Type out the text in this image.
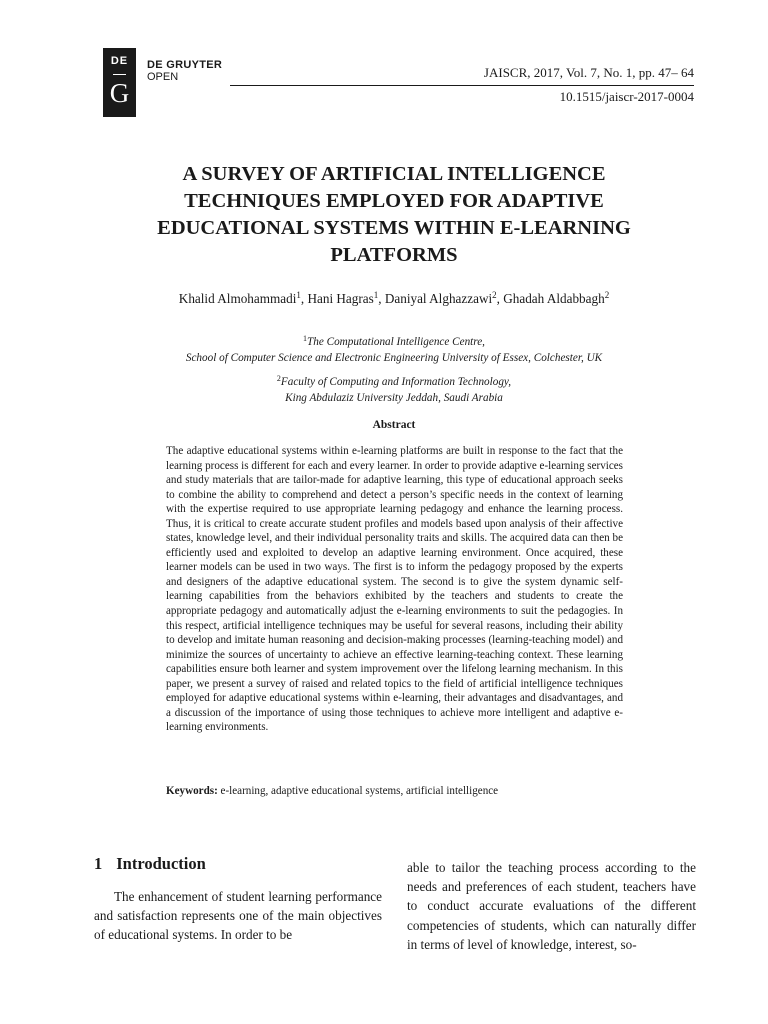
DE
G
DE GRUYTER
OPEN	JAISCR, 2017, Vol. 7, No. 1, pp. 47– 64
10.1515/jaiscr-2017-0004
A SURVEY OF ARTIFICIAL INTELLIGENCE
TECHNIQUES EMPLOYED FOR ADAPTIVE
EDUCATIONAL SYSTEMS WITHIN E-LEARNING
PLATFORMS
Khalid Almohammadi$^1$, Hani Hagras$^1$, Daniyal Alghazzawi$^2$, Ghadah Aldabbagh$^2$
$^1$The Computational Intelligence Centre,
School of Computer Science and Electronic Engineering University of Essex, Colchester, UK
$^2$Faculty of Computing and Information Technology,
King Abdulaziz University Jeddah, Saudi Arabia
Abstract
The adaptive educational systems within e-learning platforms are built in response to the fact that the learning process is different for each and every learner. In order to provide adaptive e-learning services and study materials that are tailor-made for adaptive learning, this type of educational approach seeks to combine the ability to comprehend and detect a person’s specific needs in the context of learning with the expertise required to use appropriate learning pedagogy and enhance the learning process. Thus, it is critical to create accurate student profiles and models based upon analysis of their affective states, knowledge level, and their individual personality traits and skills. The acquired data can then be efficiently used and exploited to develop an adaptive learning environment. Once acquired, these learner models can be used in two ways. The first is to inform the pedagogy proposed by the experts and designers of the adaptive educational system. The second is to give the system dynamic self-learning capabilities from the behaviors exhibited by the teachers and students to create the appropriate pedagogy and automatically adjust the e-learning environments to suit the pedagogies. In this respect, artificial intelligence techniques may be useful for several reasons, including their ability to develop and imitate human reasoning and decision-making processes (learning-teaching model) and minimize the sources of uncertainty to achieve an effective learning-teaching context. These learning capabilities ensure both learner and system improvement over the lifelong learning mechanism. In this paper, we present a survey of raised and related topics to the field of artificial intelligence techniques employed for adaptive educational systems within e-learning, their advantages and disadvantages, and a discussion of the importance of using those techniques to achieve more intelligent and adaptive e-learning environments.
Keywords: e-learning, adaptive educational systems, artificial intelligence
1 Introduction
The enhancement of student learning performance and satisfaction represents one of the main objectives of educational systems. In order to be
able to tailor the teaching process according to the needs and preferences of each student, teachers have to conduct accurate evaluations of the different competencies of students, which can naturally differ in terms of level of knowledge, interest, so-
